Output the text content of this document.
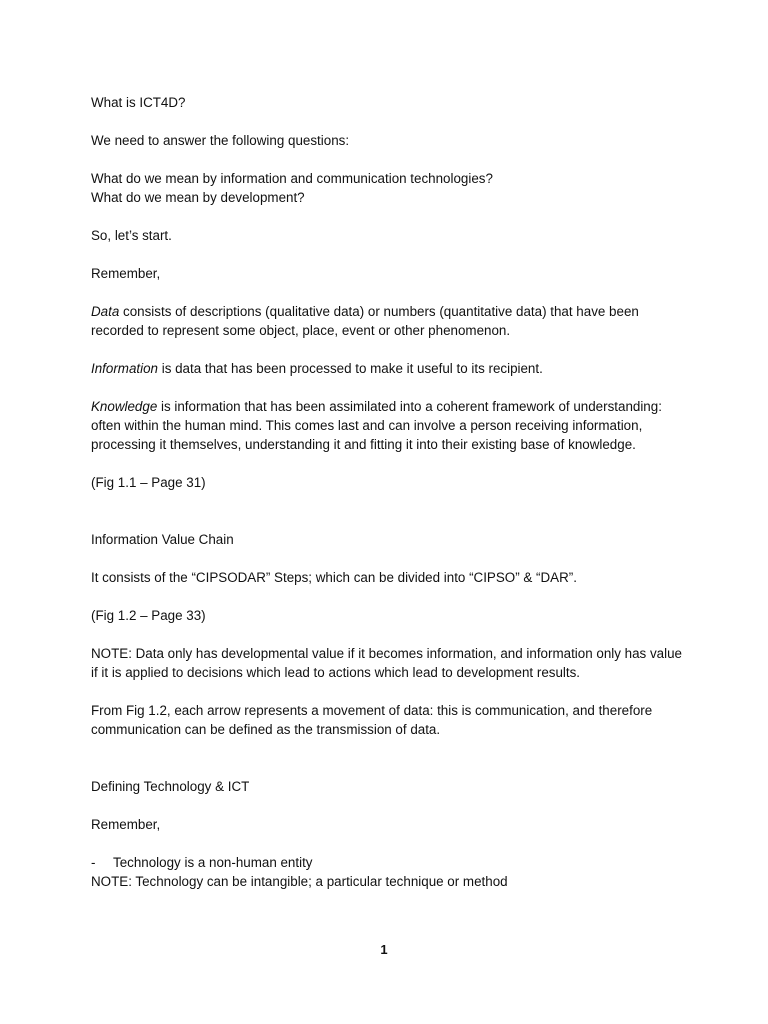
What is ICT4D?

We need to answer the following questions:

What do we mean by information and communication technologies?

What do we mean by development?

So, let’s start.

Remember,

Data consists of descriptions (qualitative data) or numbers (quantitative data) that have been recorded to represent some object, place, event or other phenomenon.

Information is data that has been processed to make it useful to its recipient.

Knowledge is information that has been assimilated into a coherent framework of understanding: often within the human mind. This comes last and can involve a person receiving information, processing it themselves, understanding it and fitting it into their existing base of knowledge.

(Fig 1.1 – Page 31)

Information Value Chain

It consists of the “CIPSODAR” Steps; which can be divided into “CIPSO” & “DAR”.

(Fig 1.2 – Page 33)

NOTE: Data only has developmental value if it becomes information, and information only has value if it is applied to decisions which lead to actions which lead to development results.

From Fig 1.2, each arrow represents a movement of data: this is communication, and therefore communication can be defined as the transmission of data.

Defining Technology & ICT

Remember,

- Technology is a non-human entity

NOTE: Technology can be intangible; a particular technique or method

1
